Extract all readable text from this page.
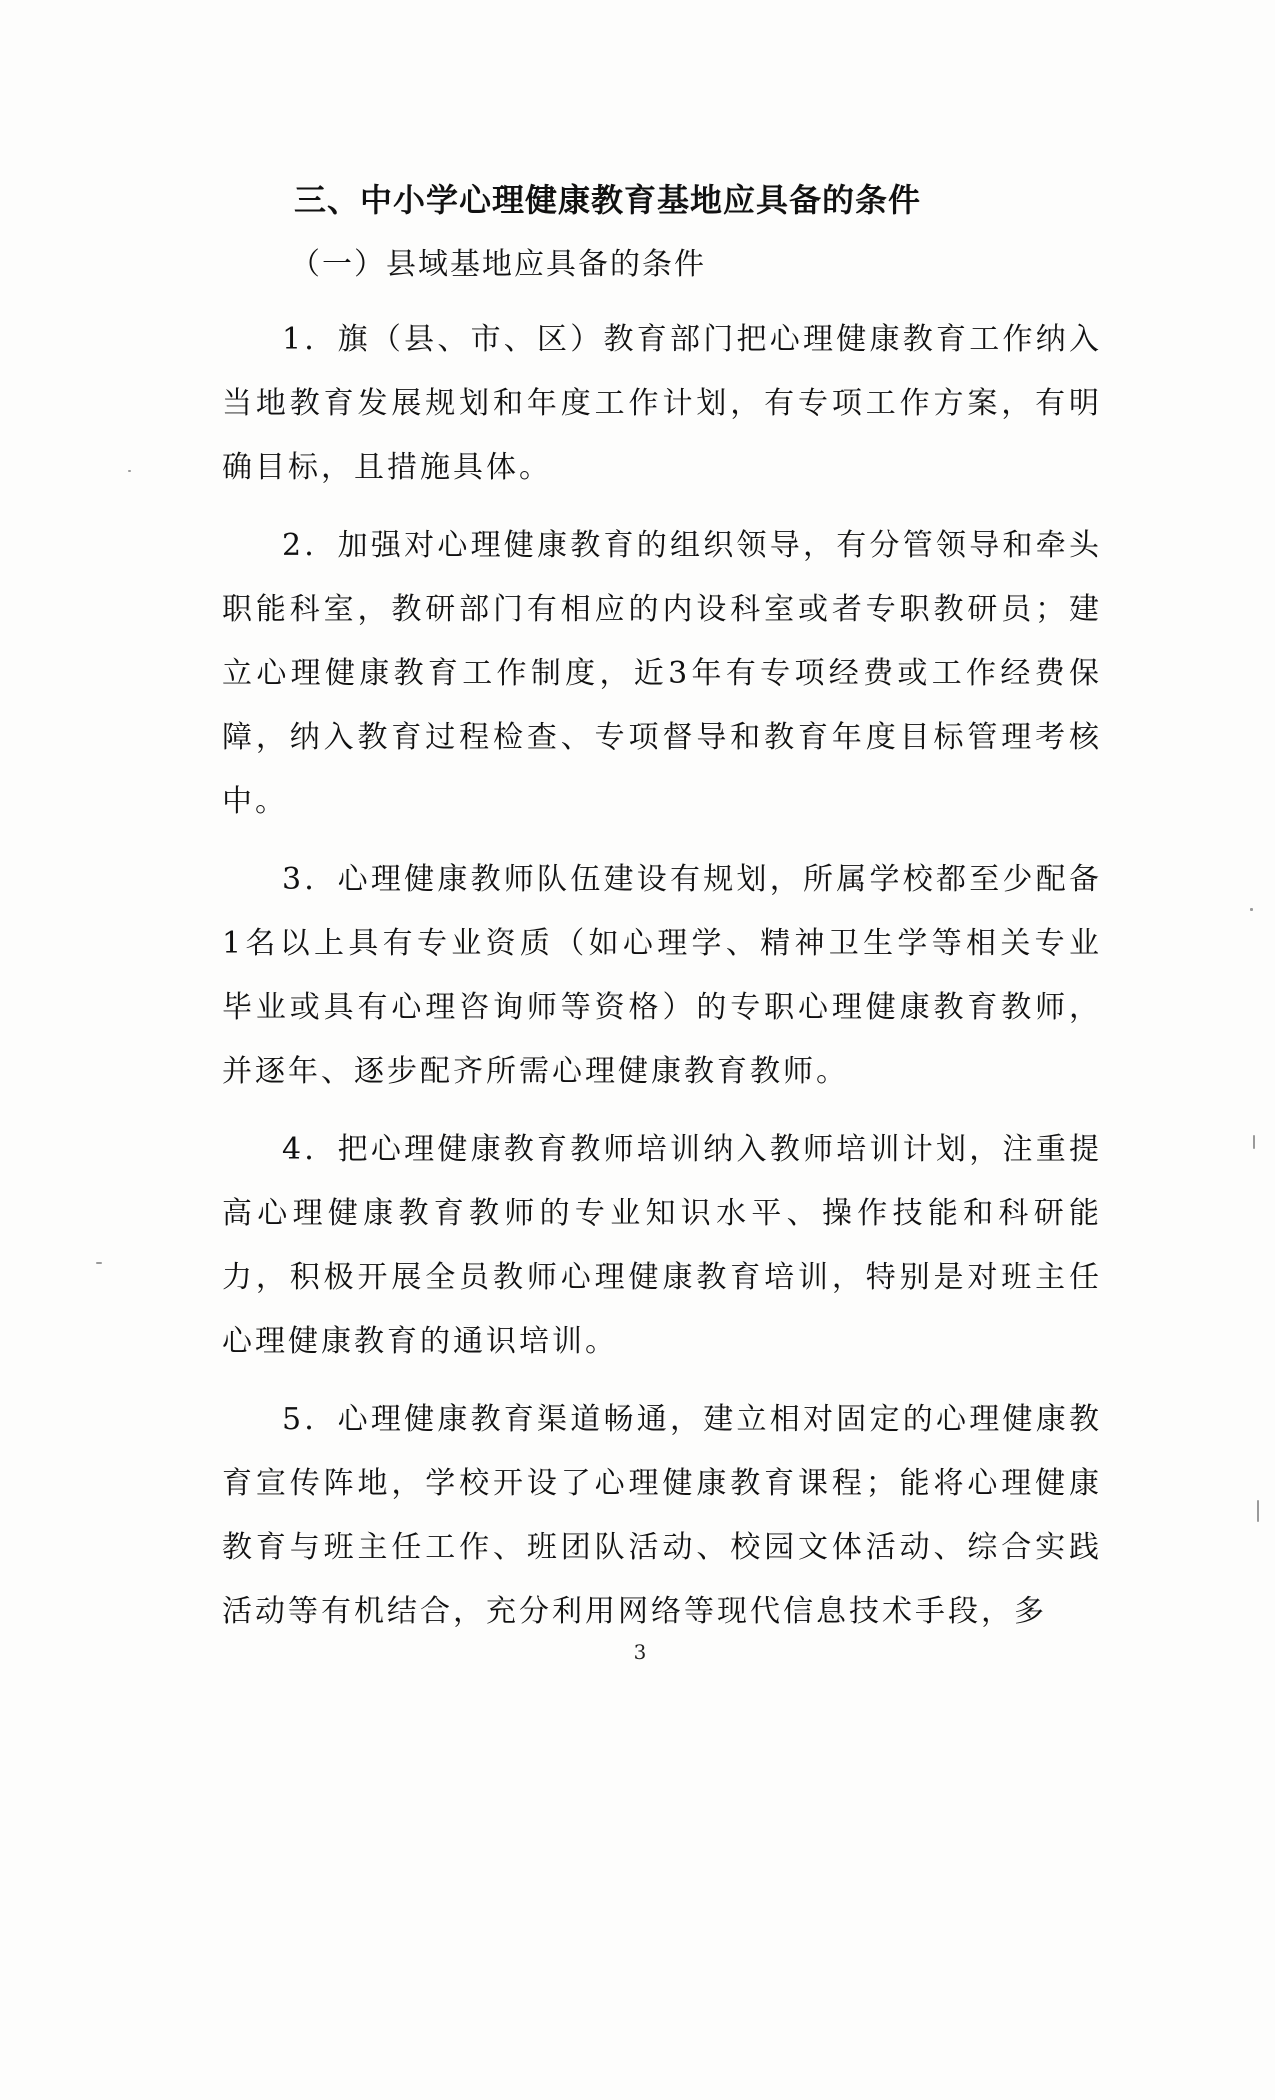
三、中小学心理健康教育基地应具备的条件
（一）县域基地应具备的条件

1．旗（县、市、区）教育部门把心理健康教育工作纳入当地教育发展规划和年度工作计划，有专项工作方案，有明确目标，且措施具体。

2．加强对心理健康教育的组织领导，有分管领导和牵头职能科室，教研部门有相应的内设科室或者专职教研员；建立心理健康教育工作制度，近3年有专项经费或工作经费保障，纳入教育过程检查、专项督导和教育年度目标管理考核中。

3．心理健康教师队伍建设有规划，所属学校都至少配备1名以上具有专业资质（如心理学、精神卫生学等相关专业毕业或具有心理咨询师等资格）的专职心理健康教育教师，并逐年、逐步配齐所需心理健康教育教师。

4．把心理健康教育教师培训纳入教师培训计划，注重提高心理健康教育教师的专业知识水平、操作技能和科研能力，积极开展全员教师心理健康教育培训，特别是对班主任心理健康教育的通识培训。

5．心理健康教育渠道畅通，建立相对固定的心理健康教育宣传阵地，学校开设了心理健康教育课程；能将心理健康教育与班主任工作、班团队活动、校园文体活动、综合实践活动等有机结合，充分利用网络等现代信息技术手段，多

3
